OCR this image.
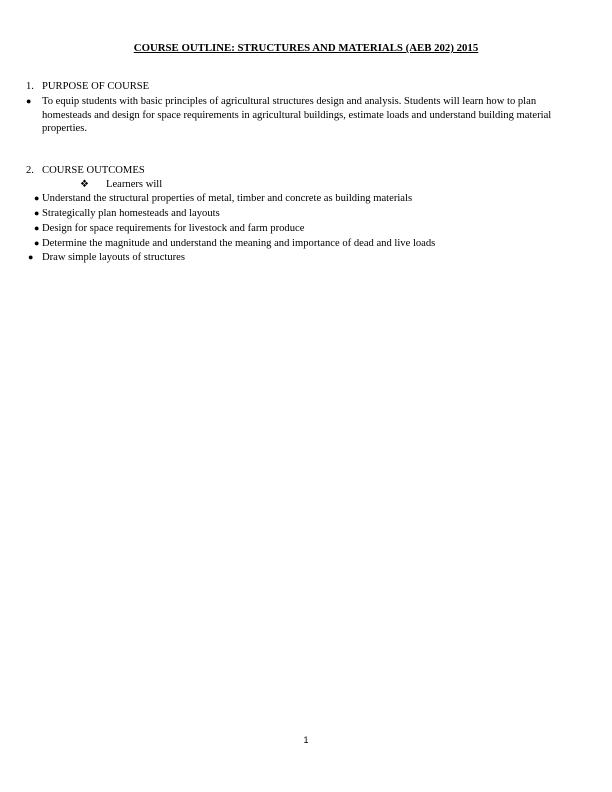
COURSE OUTLINE: STRUCTURES AND MATERIALS (AEB 202) 2015
1. PURPOSE OF COURSE
● To equip students with basic principles of agricultural structures design and analysis. Students will learn how to plan homesteads and design for space requirements in agricultural buildings, estimate loads and understand building material properties.
2. COURSE OUTCOMES
❖ Learners will
● Understand the structural properties of metal, timber and concrete as building materials
● Strategically plan homesteads and layouts
● Design for space requirements for livestock and farm produce
● Determine the magnitude and understand the meaning and importance of dead and live loads
● Draw simple layouts of structures
1
